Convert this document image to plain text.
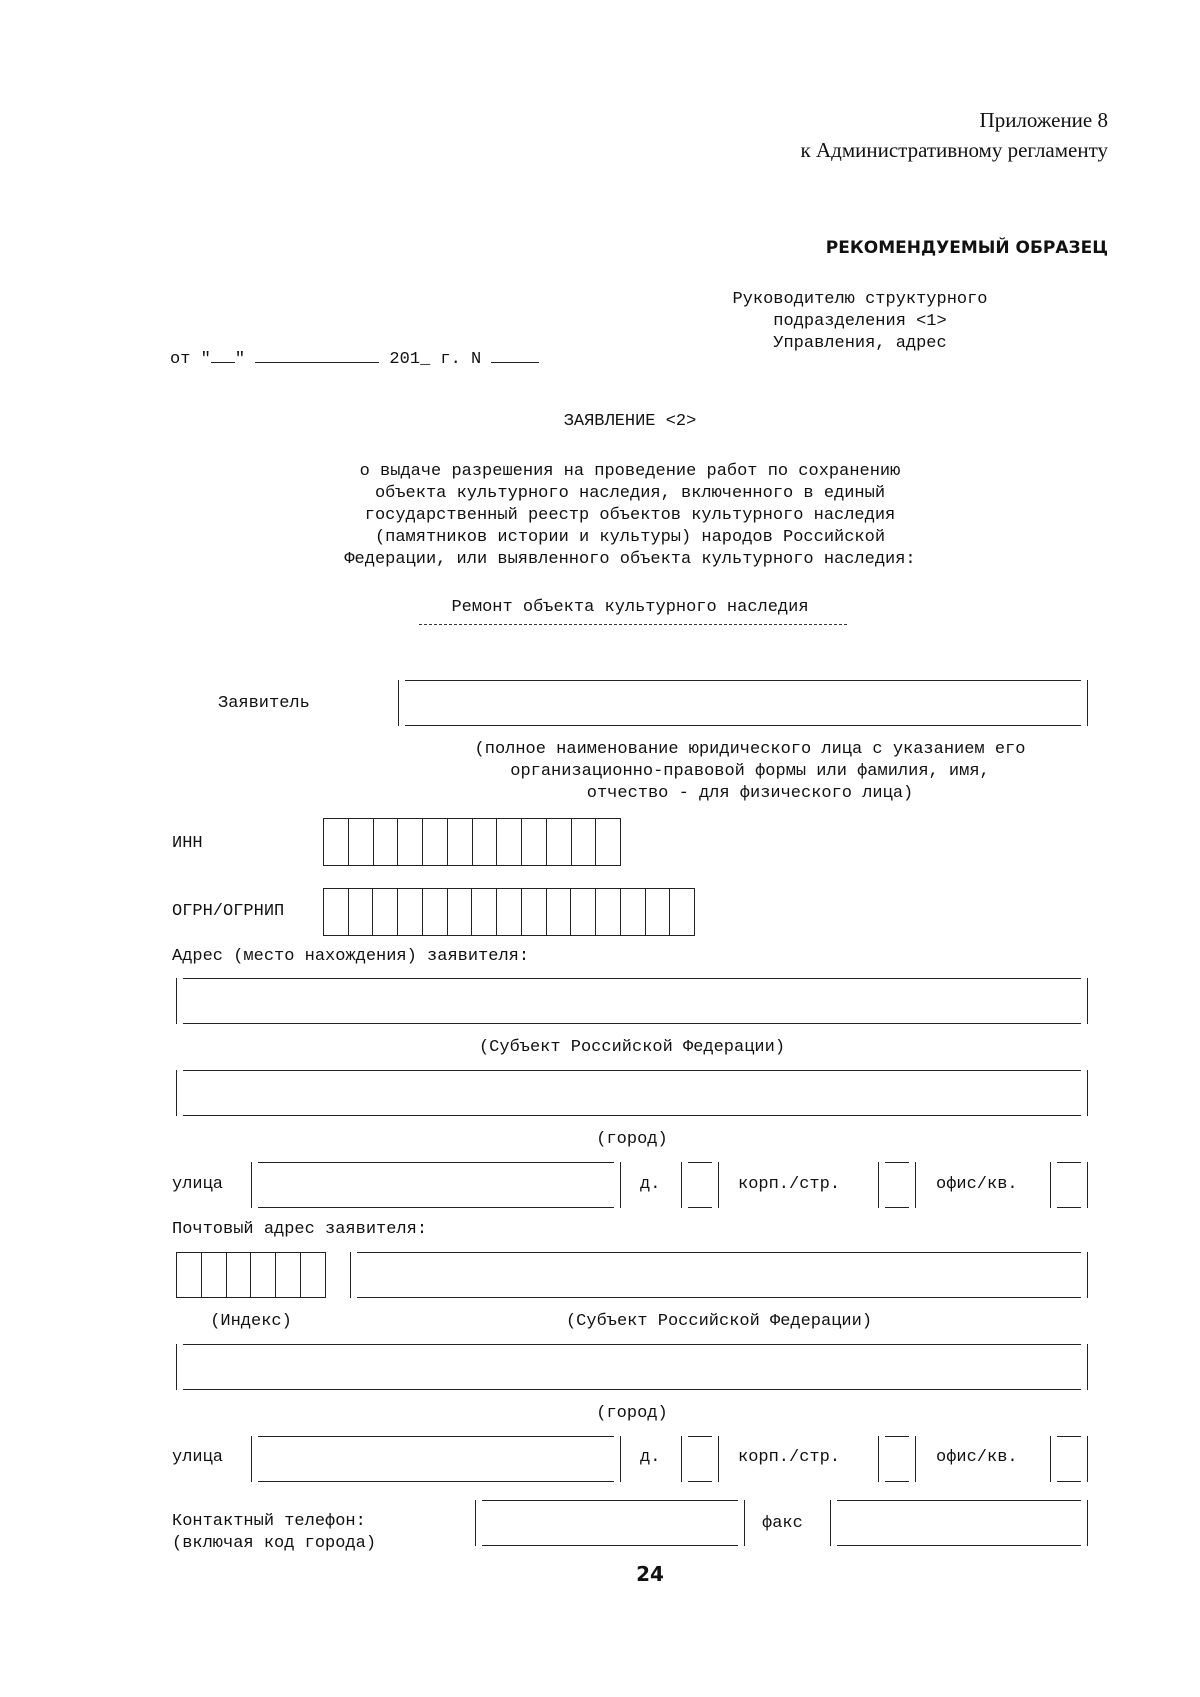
Приложение 8
к Административному регламенту
РЕКОМЕНДУЕМЫЙ ОБРАЗЕЦ
Руководителю структурного
подразделения <1>
Управления, адрес
от " "	201_ г. N
ЗАЯВЛЕНИЕ <2>
о выдаче разрешения на проведение работ по сохранению
объекта культурного наследия, включенного в единый
государственный реестр объектов культурного наследия
(памятников истории и культуры) народов Российской
Федерации, или выявленного объекта культурного наследия:
Ремонт объекта культурного наследия
Заявитель
(полное наименование юридического лица с указанием его
организационно-правовой формы или фамилия, имя,
отчество - для физического лица)
ИНН
ОГРН/ОГРНИП
Адрес (место нахождения) заявителя:
(Субъект Российской Федерации)
(город)
улица	д.	корп./стр.	офис/кв.
Почтовый адрес заявителя:
(Индекс)	(Субъект Российской Федерации)
(город)
улица	д.	корп./стр.	офис/кв.
Контактный телефон:
(включая код города)
факс
24
